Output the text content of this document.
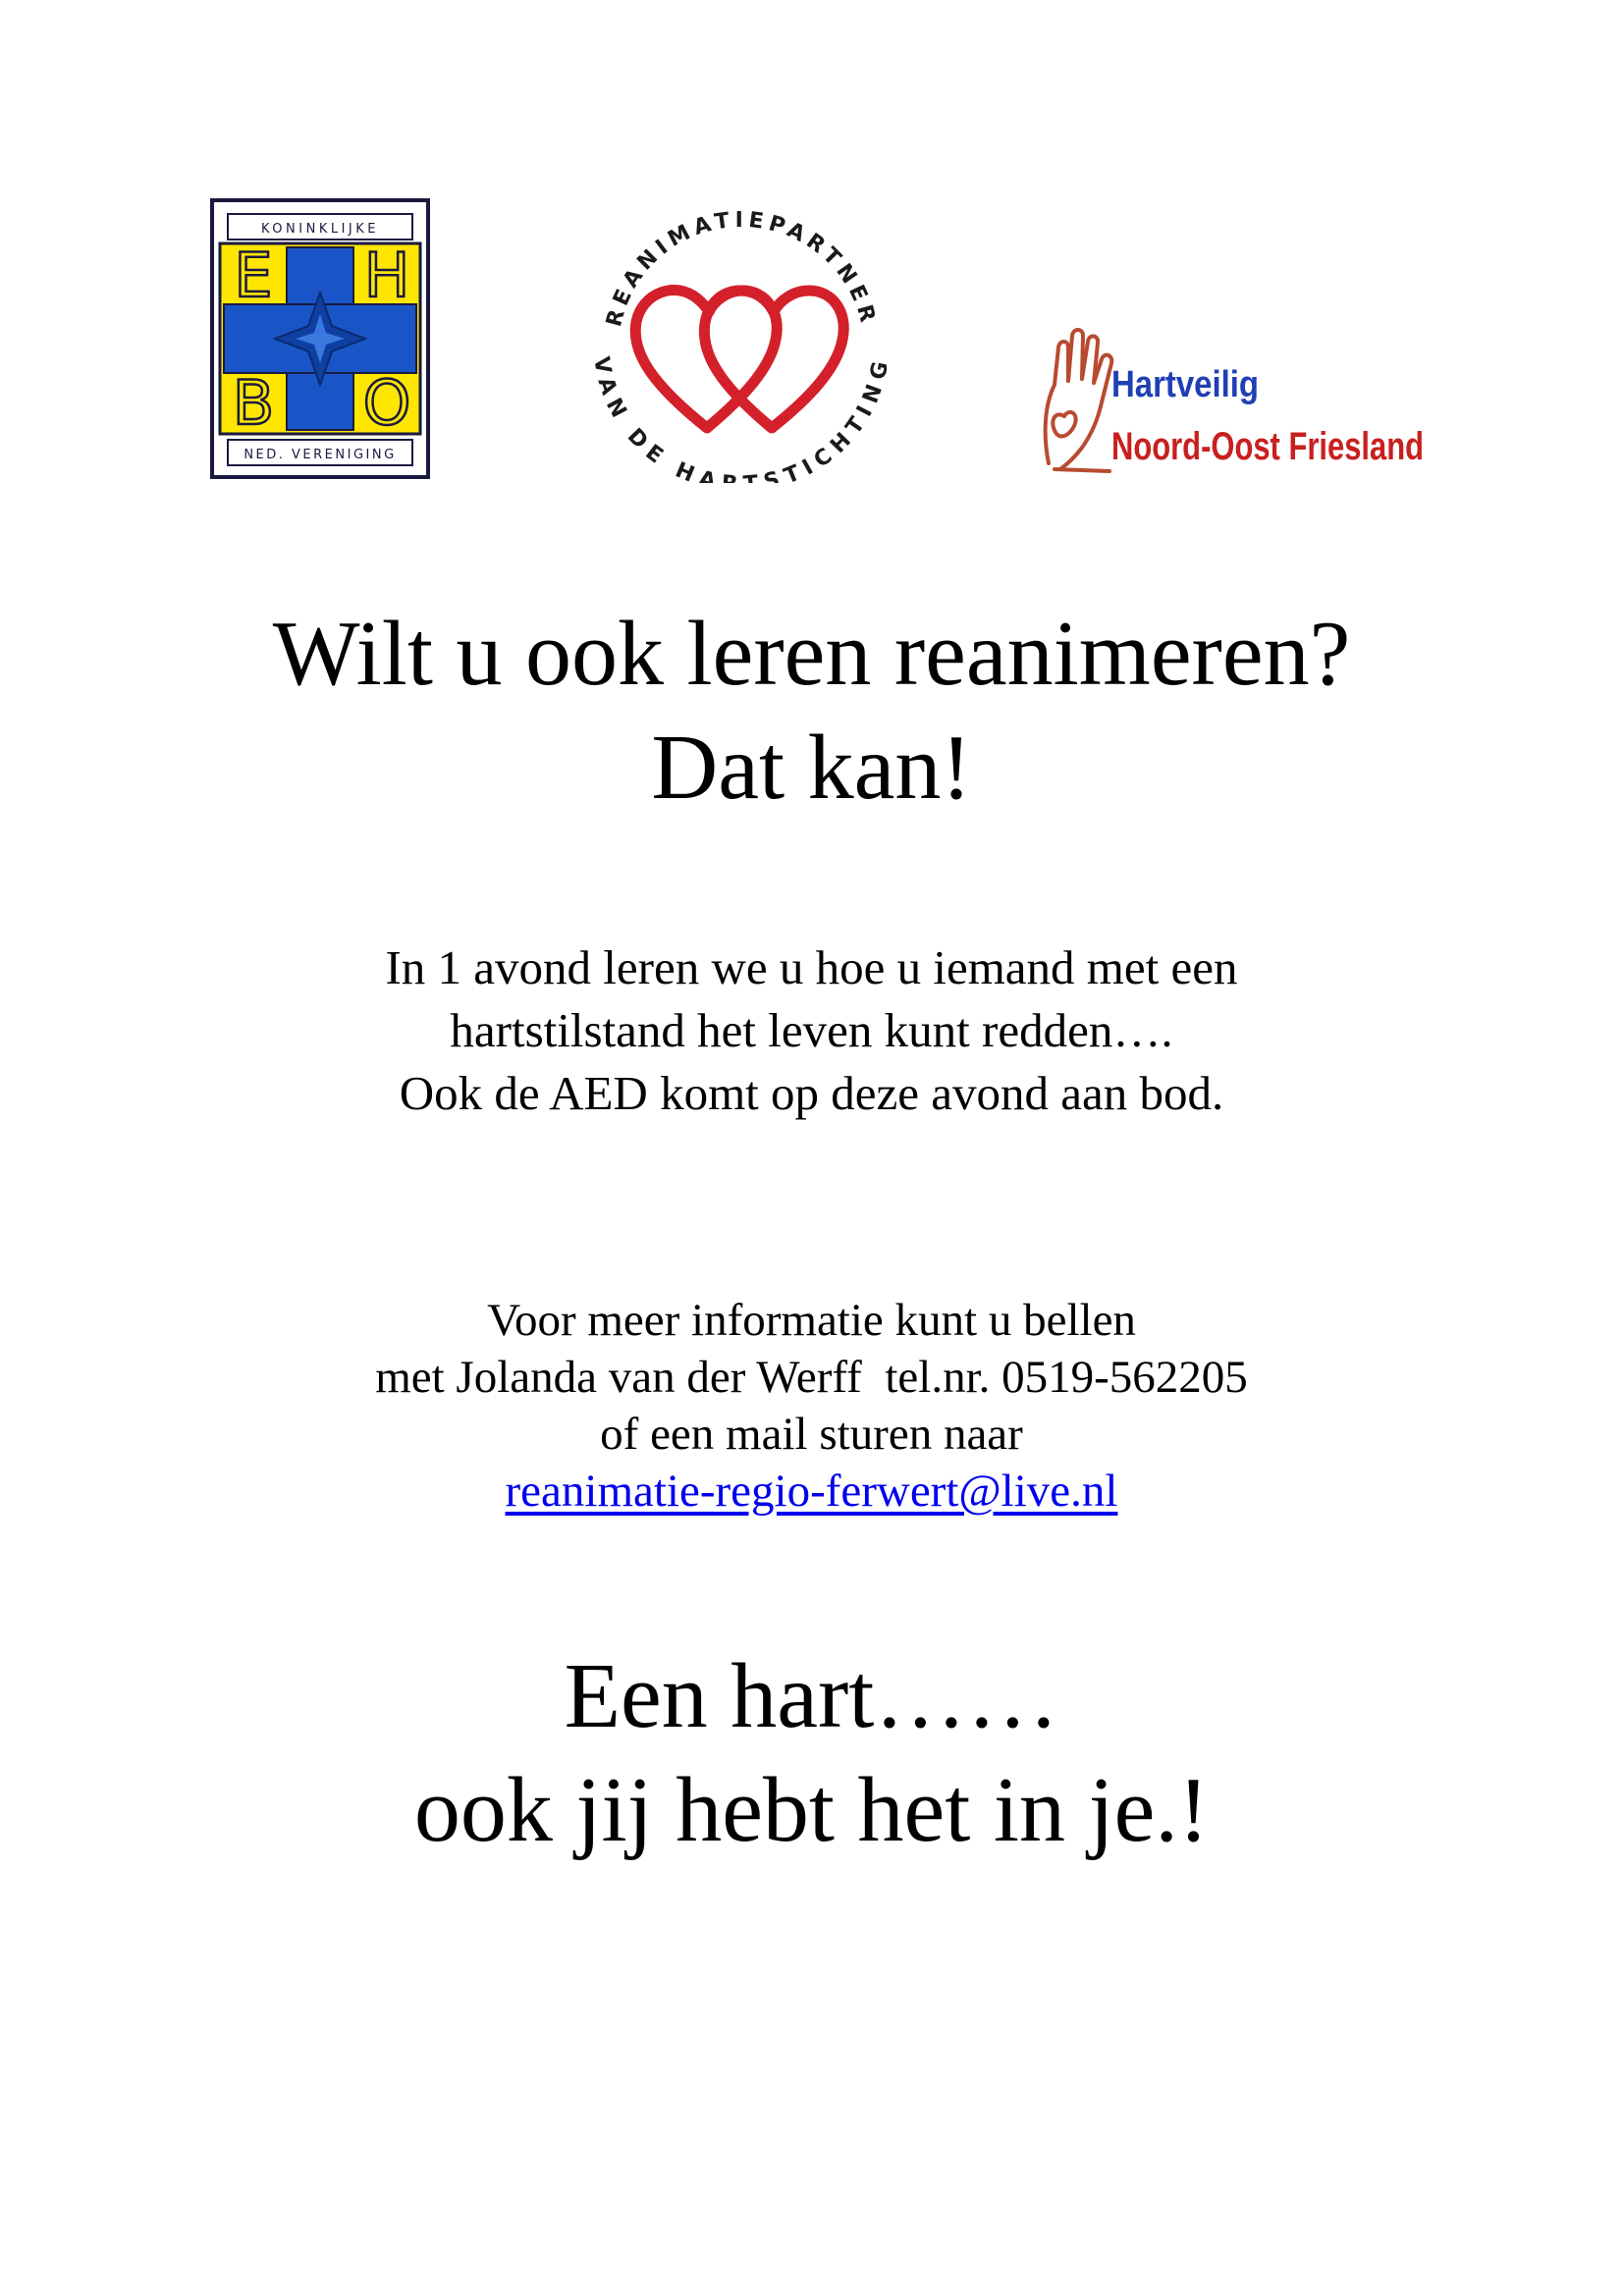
KONINKLIJKE
E H
B O
NED. VERENIGING
REANIMATIEPARTNER
VAN DE HA STICHTING	Hartveilig
Noord-Oost Friesland
Wilt u ook leren reanimeren?
Dat kan!
In 1 avond leren we u hoe u iemand met een
hartstilstand het leven kunt redden….
Ook de AED komt op deze avond aan bod.
Voor meer informatie kunt u bellen
met Jolanda van der Werff  tel.nr. 0519-562205
of een mail sturen naar
reanimatie-regio-ferwert@live.nl
Een hart……
ook jij hebt het in je.!
